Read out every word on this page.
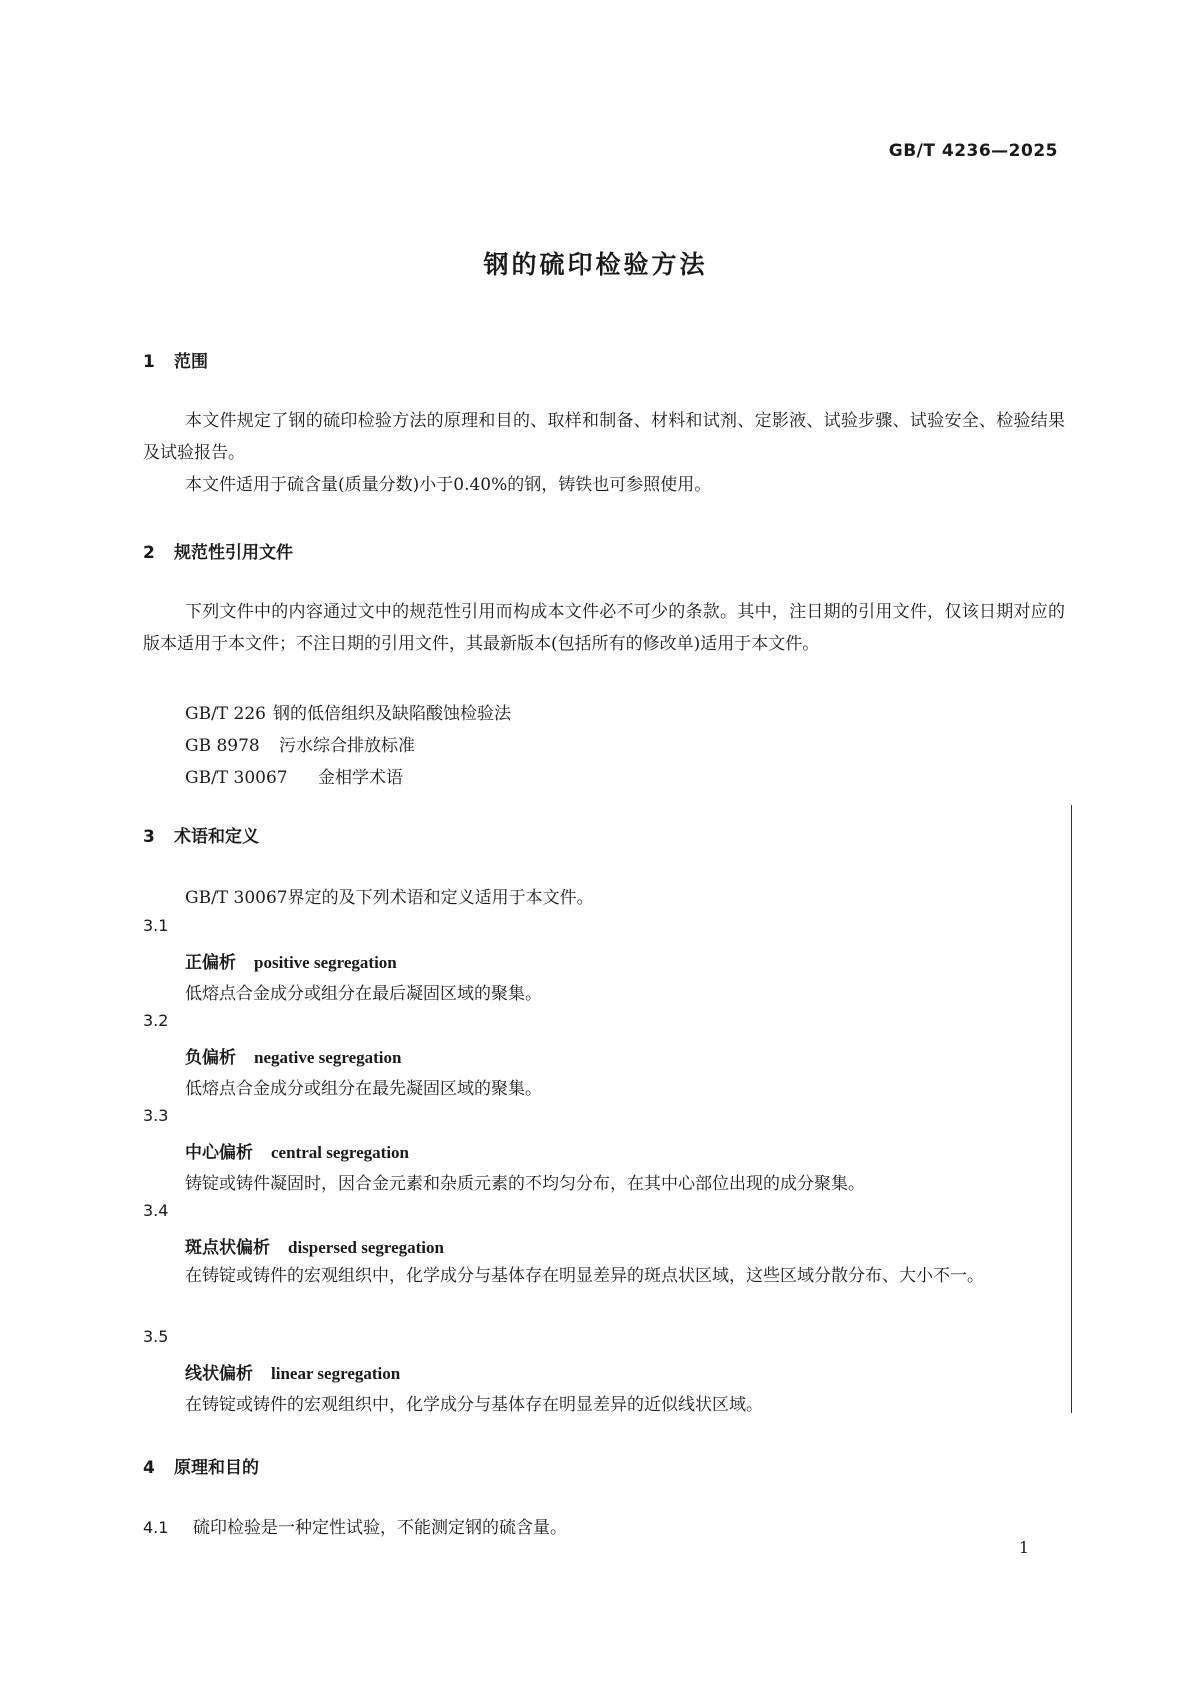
GB/T 4236—2025
钢的硫印检验方法
1 范围
本文件规定了钢的硫印检验方法的原理和目的、取样和制备、材料和试剂、定影液、试验步骤、试验安全、检验结果及试验报告。
本文件适用于硫含量(质量分数)小于0.40%的钢，铸铁也可参照使用。
2 规范性引用文件
下列文件中的内容通过文中的规范性引用而构成本文件必不可少的条款。其中，注日期的引用文件，仅该日期对应的版本适用于本文件；不注日期的引用文件，其最新版本(包括所有的修改单)适用于本文件。
GB/T 226 钢的低倍组织及缺陷酸蚀检验法
GB 8978 污水综合排放标准
GB/T 30067 金相学术语
3 术语和定义
GB/T 30067界定的及下列术语和定义适用于本文件。
3.1
正偏析 positive segregation
低熔点合金成分或组分在最后凝固区域的聚集。
3.2
负偏析 negative segregation
低熔点合金成分或组分在最先凝固区域的聚集。
3.3
中心偏析 central segregation
铸锭或铸件凝固时，因合金元素和杂质元素的不均匀分布，在其中心部位出现的成分聚集。
3.4
斑点状偏析 dispersed segregation
在铸锭或铸件的宏观组织中，化学成分与基体存在明显差异的斑点状区域，这些区域分散分布、大小不一。
3.5
线状偏析 linear segregation
在铸锭或铸件的宏观组织中，化学成分与基体存在明显差异的近似线状区域。
4 原理和目的
4.1 硫印检验是一种定性试验，不能测定钢的硫含量。
1
